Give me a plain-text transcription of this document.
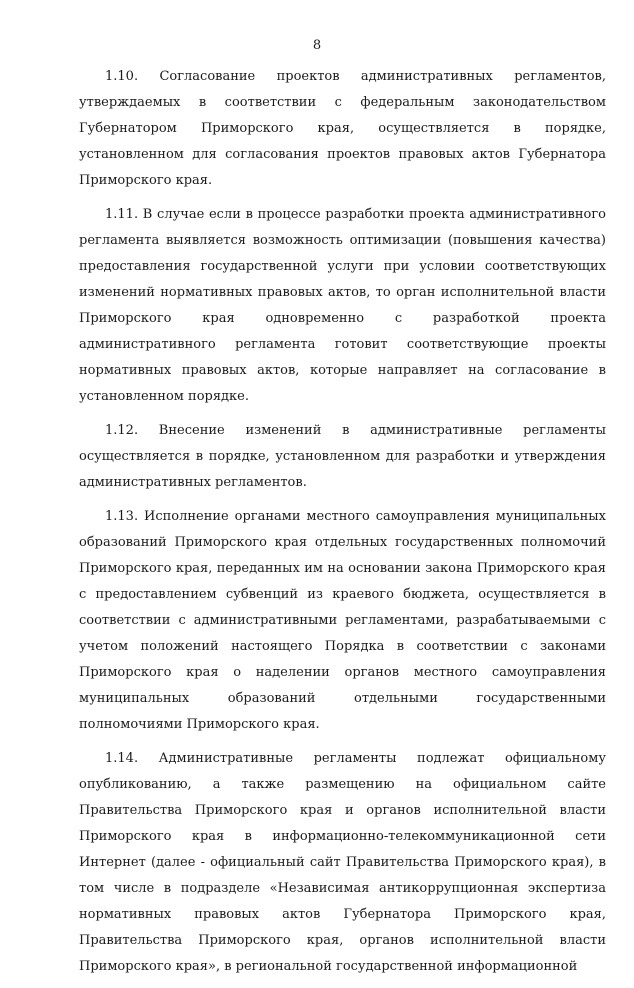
8

1.10. Согласование проектов административных регламентов, утверждаемых в соответствии с федеральным законодательством Губернатором Приморского края, осуществляется в порядке, установленном для согласования проектов правовых актов Губернатора Приморского края.

1.11. В случае если в процессе разработки проекта административного регламента выявляется возможность оптимизации (повышения качества) предоставления государственной услуги при условии соответствующих изменений нормативных правовых актов, то орган исполнительной власти Приморского края одновременно с разработкой проекта административного регламента готовит соответствующие проекты нормативных правовых актов, которые направляет на согласование в установленном порядке.

1.12. Внесение изменений в административные регламенты осуществляется в порядке, установленном для разработки и утверждения административных регламентов.

1.13. Исполнение органами местного самоуправления муниципальных образований Приморского края отдельных государственных полномочий Приморского края, переданных им на основании закона Приморского края с предоставлением субвенций из краевого бюджета, осуществляется в соответствии с административными регламентами, разрабатываемыми с учетом положений настоящего Порядка в соответствии с законами Приморского края о наделении органов местного самоуправления муниципальных образований отдельными государственными полномочиями Приморского края.

1.14. Административные регламенты подлежат официальному опубликованию, а также размещению на официальном сайте Правительства Приморского края и органов исполнительной власти Приморского края в информационно-телекоммуникационной сети Интернет (далее - официальный сайт Правительства Приморского края), в том числе в подразделе «Независимая антикоррупционная экспертиза нормативных правовых актов Губернатора Приморского края, Правительства Приморского края, органов исполнительной власти Приморского края», в региональной государственной информационной
